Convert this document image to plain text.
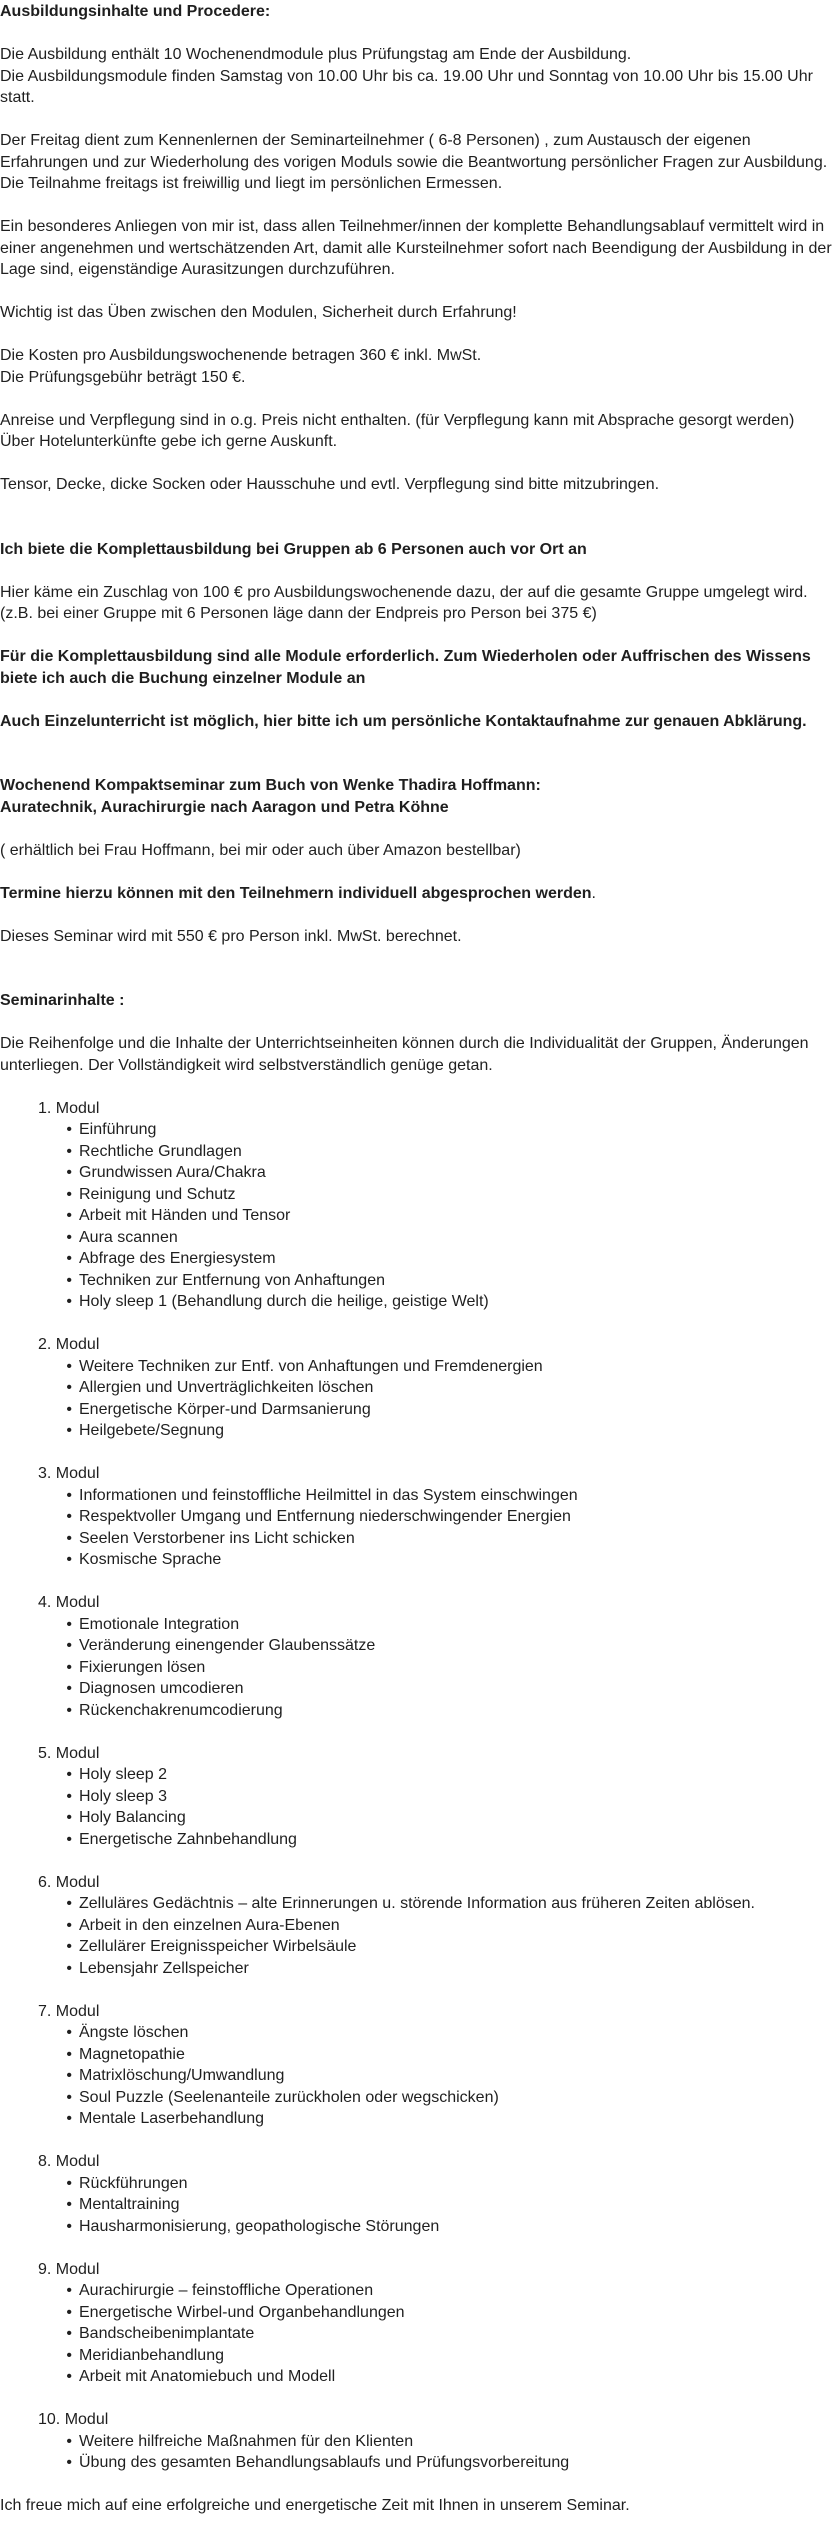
Ausbildungsinhalte und Procedere:

Die Ausbildung enthält 10 Wochenendmodule plus Prüfungstag am Ende der Ausbildung.

Die Ausbildungsmodule finden Samstag von 10.00 Uhr bis ca. 19.00 Uhr und Sonntag von 10.00 Uhr bis 15.00 Uhr statt.

Der Freitag dient zum Kennenlernen der Seminarteilnehmer ( 6-8 Personen) , zum Austausch der eigenen Erfahrungen und zur Wiederholung des vorigen Moduls sowie die Beantwortung persönlicher Fragen zur Ausbildung.

Die Teilnahme freitags ist freiwillig und liegt im persönlichen Ermessen.

Ein besonderes Anliegen von mir ist, dass allen Teilnehmer/innen der komplette Behandlungsablauf vermittelt wird in einer angenehmen und wertschätzenden Art, damit alle Kursteilnehmer sofort nach Beendigung der Ausbildung in der Lage sind, eigenständige Aurasitzungen durchzuführen.

Wichtig ist das Üben zwischen den Modulen, Sicherheit durch Erfahrung!

Die Kosten pro Ausbildungswochenende betragen 360 € inkl. MwSt.

Die Prüfungsgebühr beträgt 150 €.

Anreise und Verpflegung sind in o.g. Preis nicht enthalten. (für Verpflegung kann mit Absprache gesorgt werden)

Über Hotelunterkünfte gebe ich gerne Auskunft.

Tensor, Decke, dicke Socken oder Hausschuhe und evtl. Verpflegung sind bitte mitzubringen.

Ich biete die Komplettausbildung bei Gruppen ab 6 Personen auch vor Ort an

Hier käme ein Zuschlag von 100 € pro Ausbildungswochenende dazu, der auf die gesamte Gruppe umgelegt wird.

(z.B. bei einer Gruppe mit 6 Personen läge dann der Endpreis pro Person bei 375 €)

Für die Komplettausbildung sind alle Module erforderlich. Zum Wiederholen oder Auffrischen des Wissens biete ich auch die Buchung einzelner Module an

Auch Einzelunterricht ist möglich, hier bitte ich um persönliche Kontaktaufnahme zur genauen Abklärung.

Wochenend Kompaktseminar zum Buch von Wenke Thadira Hoffmann:

Auratechnik, Aurachirurgie nach Aaragon und Petra Köhne

( erhältlich bei Frau Hoffmann, bei mir oder auch über Amazon bestellbar)

Termine hierzu können mit den Teilnehmern individuell abgesprochen werden.

Dieses Seminar wird mit 550 € pro Person inkl. MwSt. berechnet.

Seminarinhalte :

Die Reihenfolge und die Inhalte der Unterrichtseinheiten können durch die Individualität der Gruppen, Änderungen unterliegen. Der Vollständigkeit wird selbstverständlich genüge getan.

1. Modul

• Einführung
• Rechtliche Grundlagen
• Grundwissen Aura/Chakra
• Reinigung und Schutz
• Arbeit mit Händen und Tensor
• Aura scannen
• Abfrage des Energiesystem
• Techniken zur Entfernung von Anhaftungen
• Holy sleep 1 (Behandlung durch die heilige, geistige Welt)

2. Modul

• Weitere Techniken zur Entf. von Anhaftungen und Fremdenergien
• Allergien und Unverträglichkeiten löschen
• Energetische Körper-und Darmsanierung
• Heilgebete/Segnung

3. Modul

• Informationen und feinstoffliche Heilmittel in das System einschwingen
• Respektvoller Umgang und Entfernung niederschwingender Energien
• Seelen Verstorbener ins Licht schicken
• Kosmische Sprache

4. Modul

• Emotionale Integration
• Veränderung einengender Glaubenssätze
• Fixierungen lösen
• Diagnosen umcodieren
• Rückenchakrenumcodierung

5. Modul

• Holy sleep 2
• Holy sleep 3
• Holy Balancing
• Energetische Zahnbehandlung

6. Modul

• Zelluläres Gedächtnis – alte Erinnerungen u. störende Information aus früheren Zeiten ablösen.
• Arbeit in den einzelnen Aura-Ebenen
• Zellulärer Ereignisspeicher Wirbelsäule
• Lebensjahr Zellspeicher

7. Modul

• Ängste löschen
• Magnetopathie
• Matrixlöschung/Umwandlung
• Soul Puzzle (Seelenanteile zurückholen oder wegschicken)
• Mentale Laserbehandlung

8. Modul

• Rückführungen
• Mentaltraining
• Hausharmonisierung, geopathologische Störungen

9. Modul

• Aurachirurgie – feinstoffliche Operationen
• Energetische Wirbel-und Organbehandlungen
• Bandscheibenimplantate
• Meridianbehandlung
• Arbeit mit Anatomiebuch und Modell

10. Modul

• Weitere hilfreiche Maßnahmen für den Klienten
• Übung des gesamten Behandlungsablaufs und Prüfungsvorbereitung

Ich freue mich auf eine erfolgreiche und energetische Zeit mit Ihnen in unserem Seminar.
